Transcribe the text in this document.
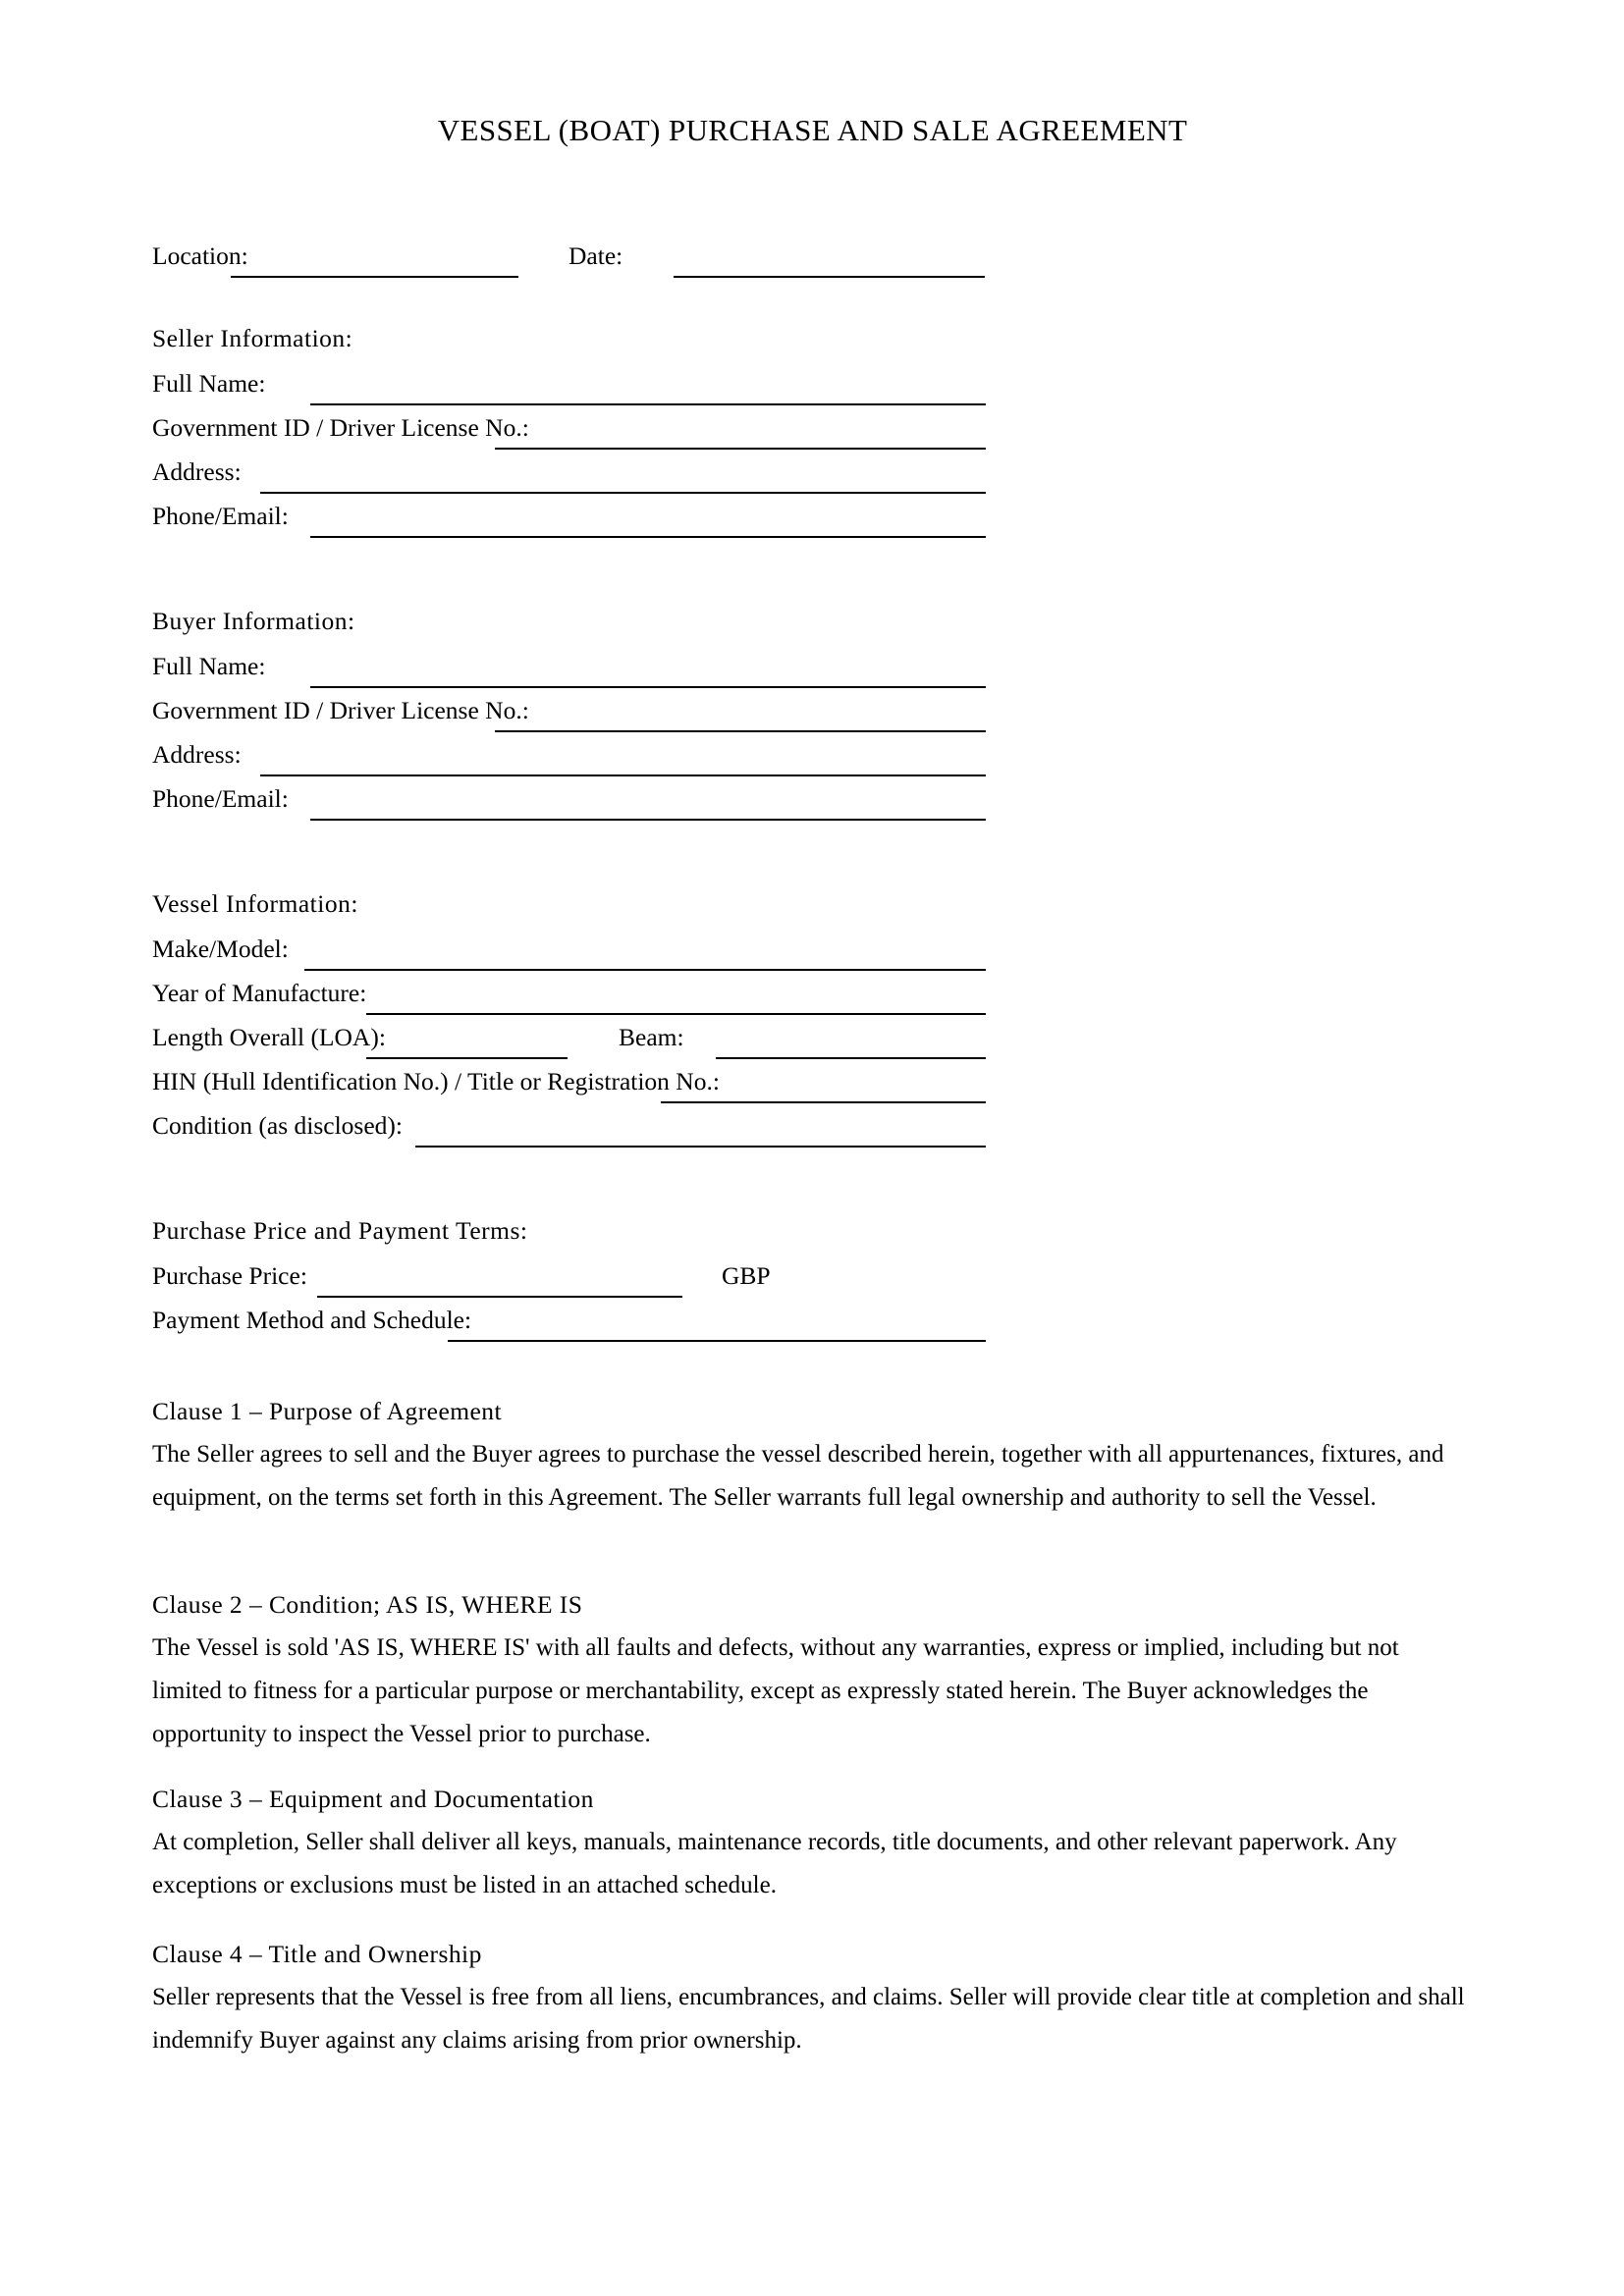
VESSEL (BOAT) PURCHASE AND SALE AGREEMENT
Location:	Date:
Seller Information:
Full Name:
Government ID / Driver License No.:
Address:
Phone/Email:
Buyer Information:
Full Name:
Government ID / Driver License No.:
Address:
Phone/Email:
Vessel Information:
Make/Model:
Year of Manufacture:
Length Overall (LOA):	Beam:
HIN (Hull Identification No.) / Title or Registration No.:
Condition (as disclosed):
Purchase Price and Payment Terms:
Purchase Price:	GBP
Payment Method and Schedule:
Clause 1 – Purpose of Agreement
The Seller agrees to sell and the Buyer agrees to purchase the vessel described herein, together with all appurtenances, fixtures, and equipment, on the terms set forth in this Agreement. The Seller warrants full legal ownership and authority to sell the Vessel.
Clause 2 – Condition; AS IS, WHERE IS
The Vessel is sold 'AS IS, WHERE IS' with all faults and defects, without any warranties, express or implied, including but not limited to fitness for a particular purpose or merchantability, except as expressly stated herein. The Buyer acknowledges the opportunity to inspect the Vessel prior to purchase.
Clause 3 – Equipment and Documentation
At completion, Seller shall deliver all keys, manuals, maintenance records, title documents, and other relevant paperwork. Any exceptions or exclusions must be listed in an attached schedule.
Clause 4 – Title and Ownership
Seller represents that the Vessel is free from all liens, encumbrances, and claims. Seller will provide clear title at completion and shall indemnify Buyer against any claims arising from prior ownership.
